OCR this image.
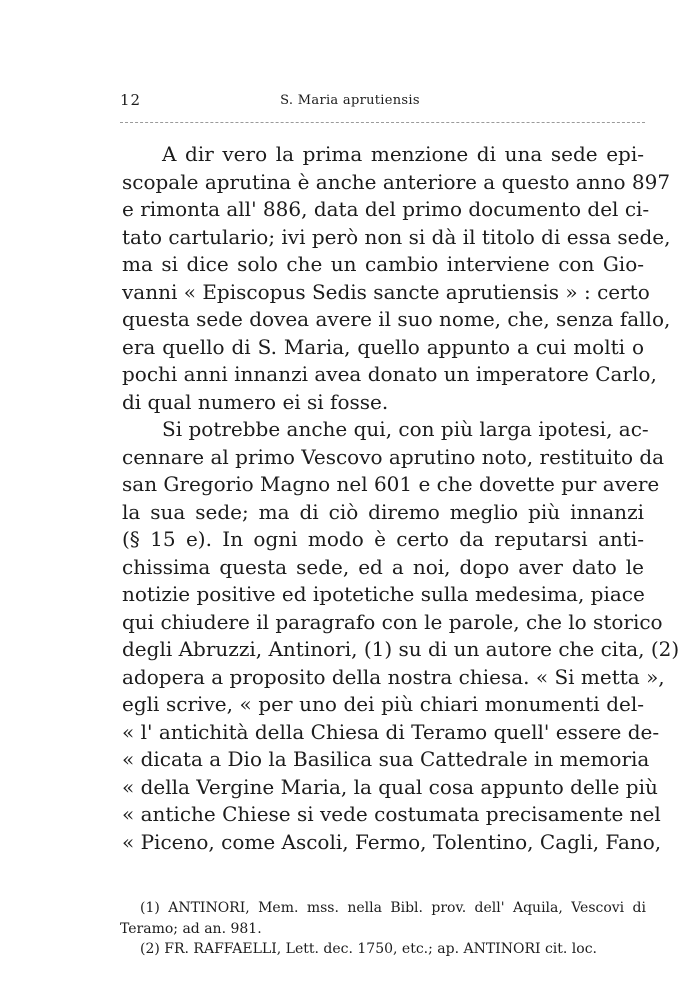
12	S. Maria aprutiensis
A dir vero la prima menzione di una sede epi-
scopale aprutina è anche anteriore a questo anno 897
e rimonta all' 886, data del primo documento del ci-
tato cartulario; ivi però non si dà il titolo di essa sede,
ma si dice solo che un cambio interviene con Gio-
vanni « Episcopus Sedis sancte aprutiensis » : certo
questa sede dovea avere il suo nome, che, senza fallo,
era quello di S. Maria, quello appunto a cui molti o
pochi anni innanzi avea donato un imperatore Carlo,
di qual numero ei si fosse.
Si potrebbe anche qui, con più larga ipotesi, ac-
cennare al primo Vescovo aprutino noto, restituito da
san Gregorio Magno nel 601 e che dovette pur avere
la sua sede; ma di ciò diremo meglio più innanzi
(§ 15 e). In ogni modo è certo da reputarsi anti-
chissima questa sede, ed a noi, dopo aver dato le
notizie positive ed ipotetiche sulla medesima, piace
qui chiudere il paragrafo con le parole, che lo storico
degli Abruzzi, Antinori, (1) su di un autore che cita, (2)
adopera a proposito della nostra chiesa. « Si metta »,
egli scrive, « per uno dei più chiari monumenti del-
« l' antichità della Chiesa di Teramo quell' essere de-
« dicata a Dio la Basilica sua Cattedrale in memoria
« della Vergine Maria, la qual cosa appunto delle più
« antiche Chiese si vede costumata precisamente nel
« Piceno, come Ascoli, Fermo, Tolentino, Cagli, Fano,
(1) ANTINORI, Mem. mss. nella Bibl. prov. dell' Aquila, Vescovi di
Teramo; ad an. 981.
(2) FR. RAFFAELLI, Lett. dec. 1750, etc.; ap. ANTINORI cit. loc.
